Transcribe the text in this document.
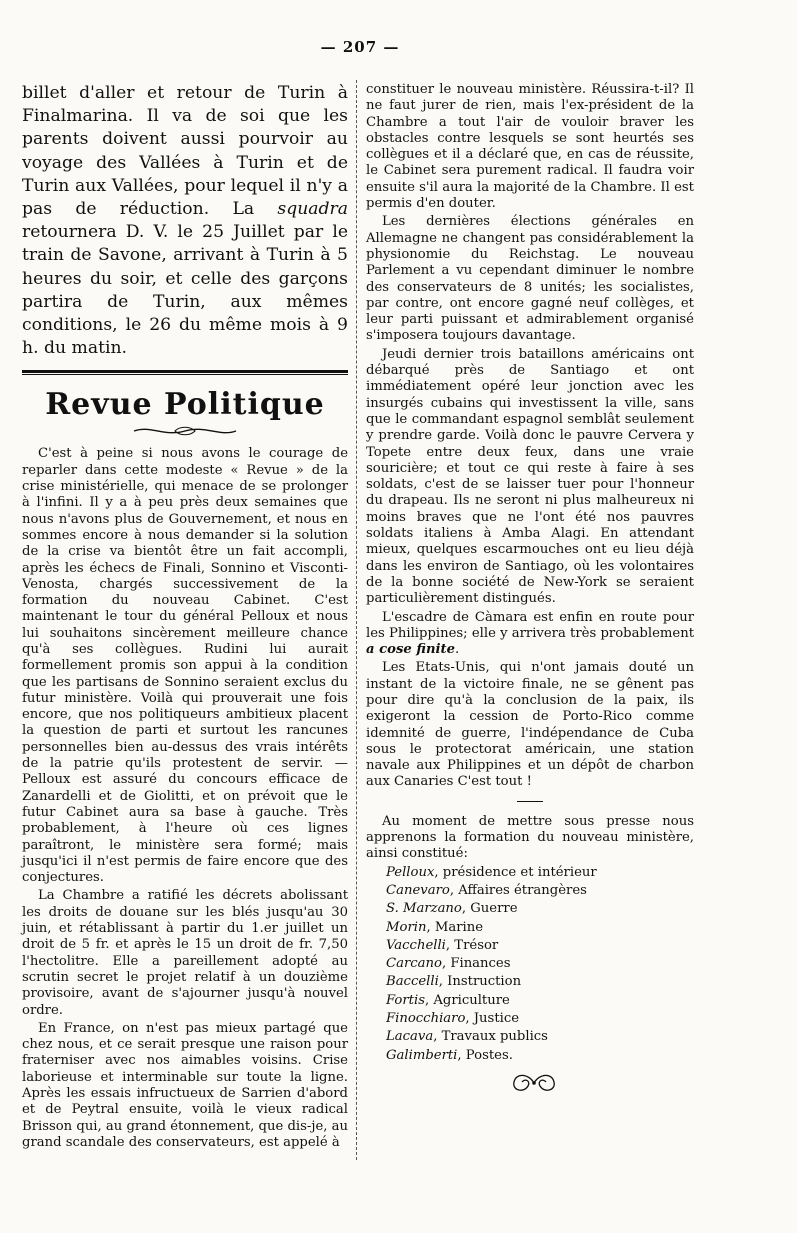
— 207 —

billet d'aller et retour de Turin à Finalmarina. Il va de soi que les parents doivent aussi pourvoir au voyage des Vallées à Turin et de Turin aux Vallées, pour lequel il n'y a pas de réduction. La squadra retournera D. V. le 25 Juillet par le train de Savone, arrivant à Turin à 5 heures du soir, et celle des garçons partira de Turin, aux mêmes conditions, le 26 du même mois à 9 h. du matin.

Revue Politique

C'est à peine si nous avons le courage de reparler dans cette modeste « Revue » de la crise ministérielle, qui menace de se prolonger à l'infini. Il y a à peu près deux semaines que nous n'avons plus de Gouvernement, et nous en sommes encore à nous demander si la solution de la crise va bientôt être un fait accompli, après les échecs de Finali, Sonnino et Visconti-Venosta, chargés successivement de la formation du nouveau Cabinet. C'est maintenant le tour du général Pelloux et nous lui souhaitons sincèrement meilleure chance qu'à ses collègues. Rudini lui aurait formellement promis son appui à la condition que les partisans de Sonnino seraient exclus du futur ministère. Voilà qui prouverait une fois encore, que nos politiqueurs ambitieux placent la question de parti et surtout les rancunes personnelles bien au-dessus des vrais intérêts de la patrie qu'ils protestent de servir. — Pelloux est assuré du concours efficace de Zanardelli et de Giolitti, et on prévoit que le futur Cabinet aura sa base à gauche. Très probablement, à l'heure où ces lignes paraîtront, le ministère sera formé; mais jusqu'ici il n'est permis de faire encore que des conjectures.

La Chambre a ratifié les décrets abolissant les droits de douane sur les blés jusqu'au 30 juin, et rétablissant à partir du 1.er juillet un droit de 5 fr. et après le 15 un droit de fr. 7,50 l'hectolitre. Elle a pareillement adopté au scrutin secret le projet relatif à un douzième provisoire, avant de s'ajourner jusqu'à nouvel ordre.

En France, on n'est pas mieux partagé que chez nous, et ce serait presque une raison pour fraterniser avec nos aimables voisins. Crise laborieuse et interminable sur toute la ligne. Après les essais infructueux de Sarrien d'abord et de Peytral ensuite, voilà le vieux radical Brisson qui, au grand étonnement, que dis-je, au grand scandale des conservateurs, est appelé à

constituer le nouveau ministère. Réussira-t-il? Il ne faut jurer de rien, mais l'ex-président de la Chambre a tout l'air de vouloir braver les obstacles contre lesquels se sont heurtés ses collègues et il a déclaré que, en cas de réussite, le Cabinet sera purement radical. Il faudra voir ensuite s'il aura la majorité de la Chambre. Il est permis d'en douter.

Les dernières élections générales en Allemagne ne changent pas considérablement la physionomie du Reichstag. Le nouveau Parlement a vu cependant diminuer le nombre des conservateurs de 8 unités; les socialistes, par contre, ont encore gagné neuf collèges, et leur parti puissant et admirablement organisé s'imposera toujours davantage.

Jeudi dernier trois bataillons américains ont débarqué près de Santiago et ont immédiatement opéré leur jonction avec les insurgés cubains qui investissent la ville, sans que le commandant espagnol semblât seulement y prendre garde. Voilà donc le pauvre Cervera y Topete entre deux feux, dans une vraie souricière; et tout ce qui reste à faire à ses soldats, c'est de se laisser tuer pour l'honneur du drapeau. Ils ne seront ni plus malheureux ni moins braves que ne l'ont été nos pauvres soldats italiens à Amba Alagi. En attendant mieux, quelques escarmouches ont eu lieu déjà dans les environ de Santiago, où les volontaires de la bonne société de New-York se seraient particulièrement distingués.

L'escadre de Càmara est enfin en route pour les Philippines; elle y arrivera très probablement a cose finite.

Les Etats-Unis, qui n'ont jamais douté un instant de la victoire finale, ne se gênent pas pour dire qu'à la conclusion de la paix, ils exigeront la cession de Porto-Rico comme idemnité de guerre, l'indépendance de Cuba sous le protectorat américain, une station navale aux Philippines et un dépôt de charbon aux Canaries C'est tout !

Au moment de mettre sous presse nous apprenons la formation du nouveau ministère, ainsi constitué:

Pelloux, présidence et intérieur

Canevaro, Affaires étrangères

S. Marzano, Guerre

Morin, Marine

Vacchelli, Trésor

Carcano, Finances

Baccelli, Instruction

Fortis, Agriculture

Finocchiaro, Justice

Lacava, Travaux publics

Galimberti, Postes.
